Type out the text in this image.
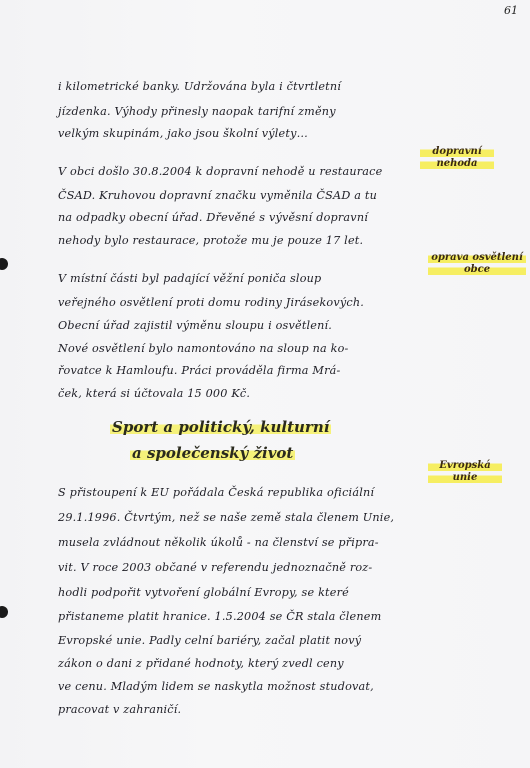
61
i kilometrické banky. Udržována byla i čtvrtletní
jízdenka. Výhody přinesly naopak tarifní změny
velkým skupinám, jako jsou školní výlety…
dopravní
nehoda
V obci došlo 30.8.2004 k dopravní nehodě u restaurace
ČSAD. Kruhovou dopravní značku vyměnila ČSAD a tu
na odpadky obecní úřad. Dřevěné s vývěsní dopravní
nehody bylo restaurace, protože mu je pouze 17 let.
oprava osvětlení
obce
V místní části byl padající věžní poniča sloup
veřejného osvětlení proti domu rodiny Jirásekových.
Obecní úřad zajistil výměnu sloupu i osvětlení.
Nové osvětlení bylo namontováno na sloup na ko-
řovatce k Hamloufu. Práci prováděla firma Mrá-
ček, která si účtovala 15 000 Kč.
Sport a politický, kulturní
a společenský život
Evropská
unie
S přistoupení k EU pořádala Česká republika oficiální
29.1.1996. Čtvrtým, než se naše země stala členem Unie,
musela zvládnout několik úkolů - na členství se připra-
vit. V roce 2003 občané v referendu jednoznačně roz-
hodli podpořit vytvoření globální Evropy, se které
přistaneme platit hranice. 1.5.2004 se ČR stala členem
Evropské unie. Padly celní bariéry, začal platit nový
zákon o dani z přidané hodnoty, který zvedl ceny
ve cenu. Mladým lidem se naskytla možnost studovat,
pracovat v zahraničí.
